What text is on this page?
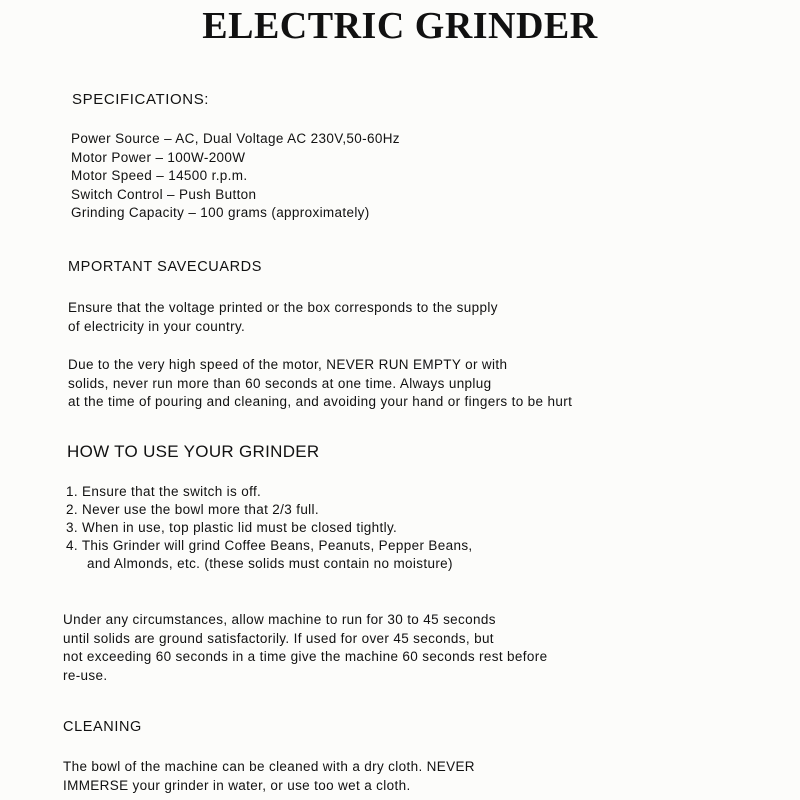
ELECTRIC GRINDER
SPECIFICATIONS:
Power Source – AC, Dual Voltage AC 230V,50-60Hz
Motor Power – 100W-200W
Motor Speed – 14500 r.p.m.
Switch Control – Push Button
Grinding Capacity – 100 grams (approximately)
MPORTANT SAVECUARDS
Ensure that the voltage printed or the box corresponds to the supply
of electricity in your country.
Due to the very high speed of the motor, NEVER RUN EMPTY or with
solids, never run more than 60 seconds at one time. Always unplug
at the time of pouring and cleaning, and avoiding your hand or fingers to be hurt
HOW TO USE YOUR GRINDER
1. Ensure that the switch is off.
2. Never use the bowl more that 2/3 full.
3. When in use, top plastic lid must be closed tightly.
4. This Grinder will grind Coffee Beans, Peanuts, Pepper Beans,
and Almonds, etc. (these solids must contain no moisture)
Under any circumstances, allow machine to run for 30 to 45 seconds
until solids are ground satisfactorily. If used for over 45 seconds, but
not exceeding 60 seconds in a time give the machine 60 seconds rest before
re-use.
CLEANING
The bowl of the machine can be cleaned with a dry cloth. NEVER
IMMERSE your grinder in water, or use too wet a cloth.
